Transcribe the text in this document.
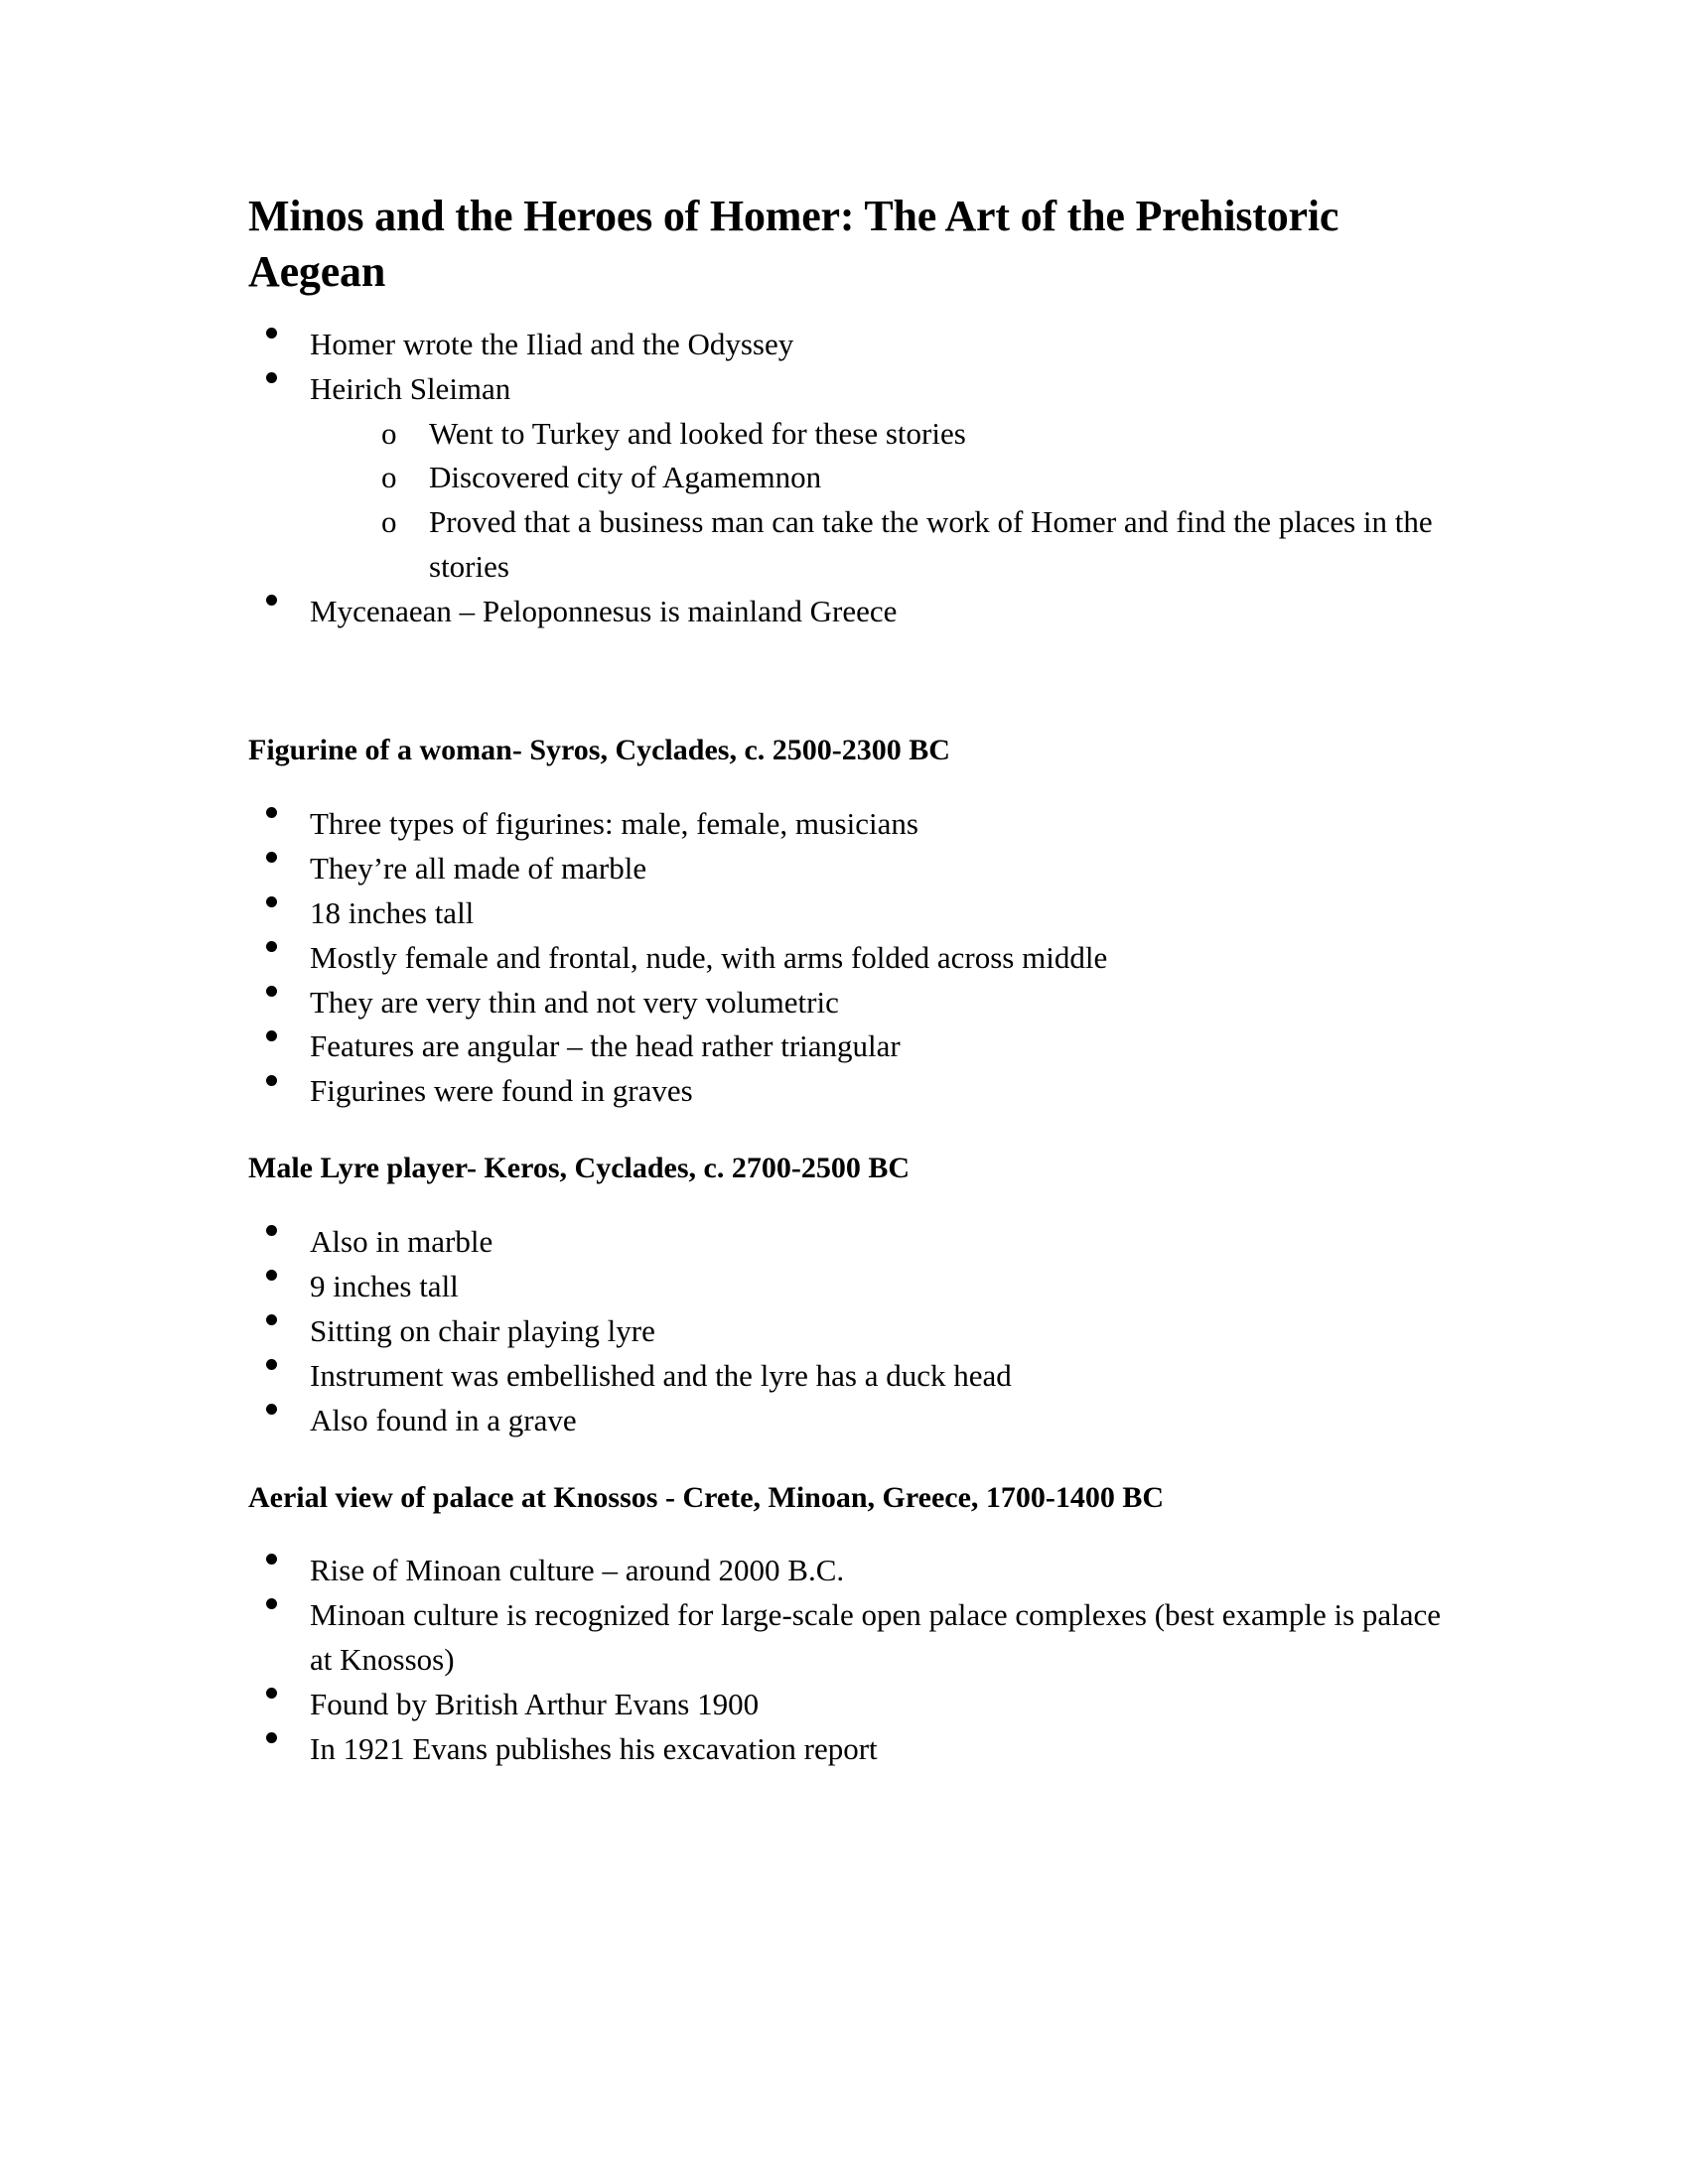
Minos and the Heroes of Homer: The Art of the Prehistoric Aegean
Homer wrote the Iliad and the Odyssey
Heirich Sleiman
o Went to Turkey and looked for these stories
o Discovered city of Agamemnon
o Proved that a business man can take the work of Homer and find the places in the stories
Mycenaean – Peloponnesus is mainland Greece
Figurine of a woman- Syros, Cyclades, c. 2500-2300 BC
Three types of figurines: male, female, musicians
They’re all made of marble
18 inches tall
Mostly female and frontal, nude, with arms folded across middle
They are very thin and not very volumetric
Features are angular – the head rather triangular
Figurines were found in graves
Male Lyre player- Keros, Cyclades, c. 2700-2500 BC
Also in marble
9 inches tall
Sitting on chair playing lyre
Instrument was embellished and the lyre has a duck head
Also found in a grave
Aerial view of palace at Knossos - Crete, Minoan, Greece, 1700-1400 BC
Rise of Minoan culture – around 2000 B.C.
Minoan culture is recognized for large-scale open palace complexes (best example is palace at Knossos)
Found by British Arthur Evans 1900
In 1921 Evans publishes his excavation report
